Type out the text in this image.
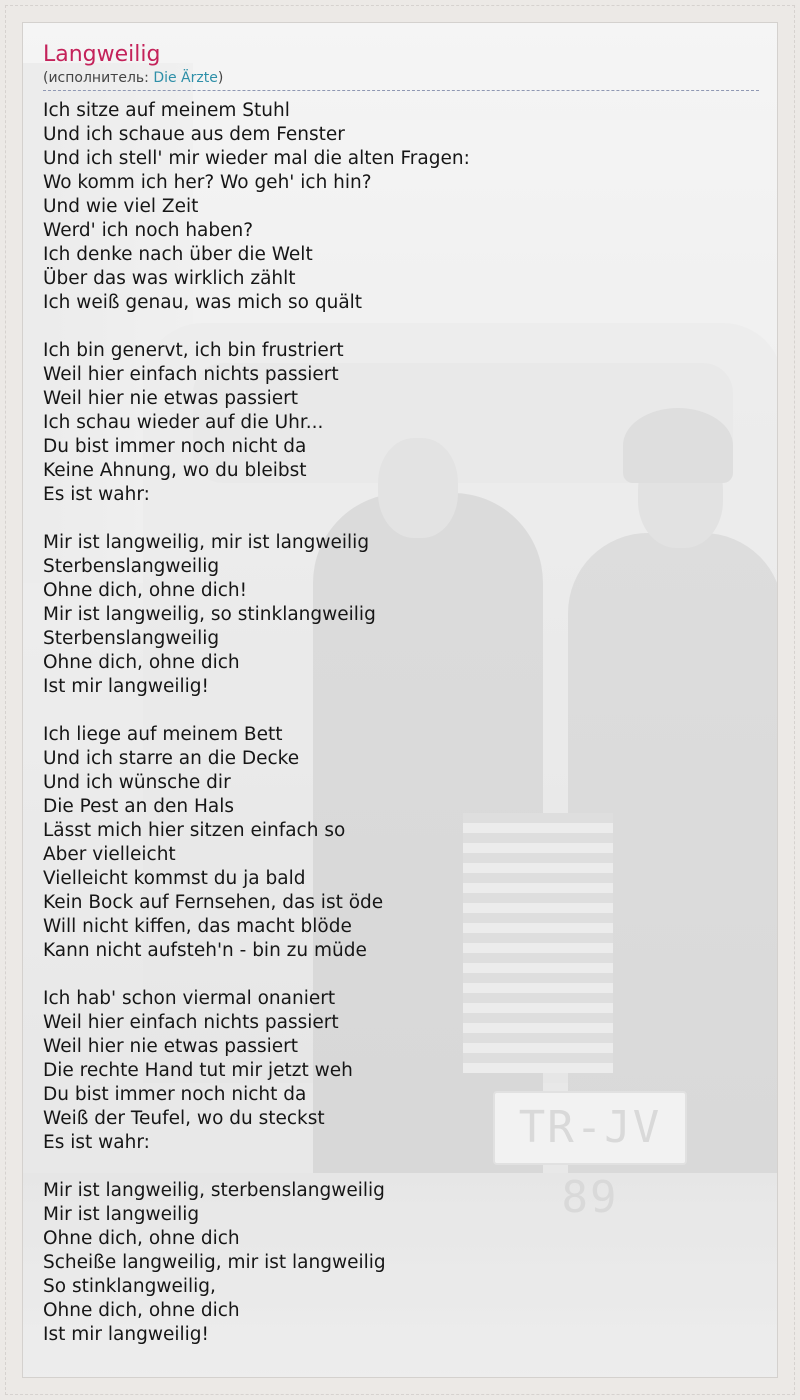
TR-JV 89
Langweilig
(исполнитель: Die Ärzte)
Ich sitze auf meinem Stuhl
Und ich schaue aus dem Fenster
Und ich stell' mir wieder mal die alten Fragen:
Wo komm ich her? Wo geh' ich hin?
Und wie viel Zeit
Werd' ich noch haben?
Ich denke nach über die Welt
Über das was wirklich zählt
Ich weiß genau, was mich so quält
Ich bin genervt, ich bin frustriert
Weil hier einfach nichts passiert
Weil hier nie etwas passiert
Ich schau wieder auf die Uhr...
Du bist immer noch nicht da
Keine Ahnung, wo du bleibst
Es ist wahr:
Mir ist langweilig, mir ist langweilig
Sterbenslangweilig
Ohne dich, ohne dich!
Mir ist langweilig, so stinklangweilig
Sterbenslangweilig
Ohne dich, ohne dich
Ist mir langweilig!
Ich liege auf meinem Bett
Und ich starre an die Decke
Und ich wünsche dir
Die Pest an den Hals
Lässt mich hier sitzen einfach so
Aber vielleicht
Vielleicht kommst du ja bald
Kein Bock auf Fernsehen, das ist öde
Will nicht kiffen, das macht blöde
Kann nicht aufsteh'n - bin zu müde
Ich hab' schon viermal onaniert
Weil hier einfach nichts passiert
Weil hier nie etwas passiert
Die rechte Hand tut mir jetzt weh
Du bist immer noch nicht da
Weiß der Teufel, wo du steckst
Es ist wahr:
Mir ist langweilig, sterbenslangweilig
Mir ist langweilig
Ohne dich, ohne dich
Scheiße langweilig, mir ist langweilig
So stinklangweilig,
Ohne dich, ohne dich
Ist mir langweilig!
